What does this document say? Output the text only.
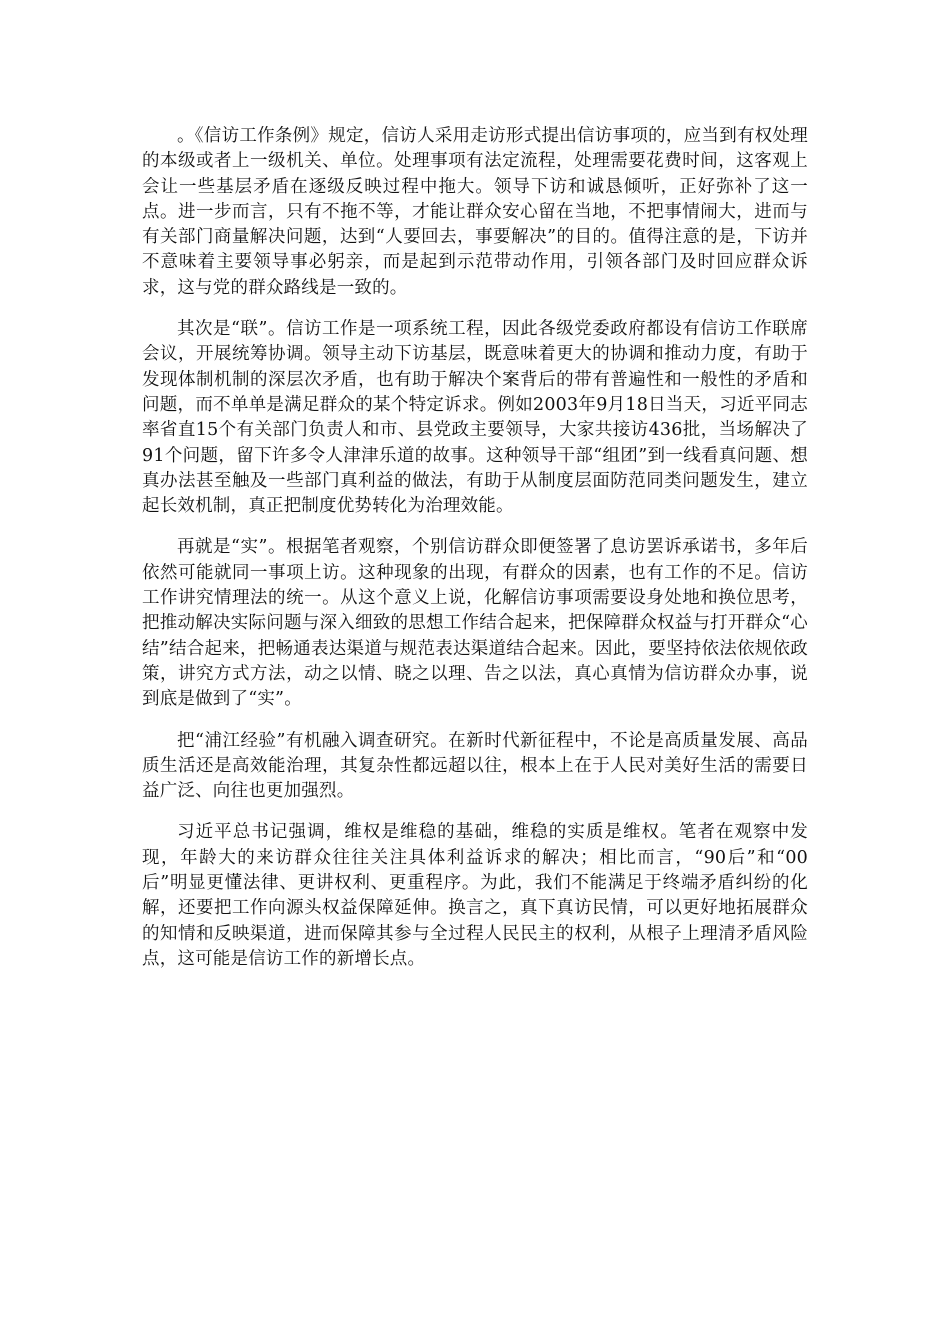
。《信访工作条例》规定，信访人采用走访形式提出信访事项的，应当到有权处理的本级或者上一级机关、单位。处理事项有法定流程，处理需要花费时间，这客观上会让一些基层矛盾在逐级反映过程中拖大。领导下访和诚恳倾听，正好弥补了这一点。进一步而言，只有不拖不等，才能让群众安心留在当地，不把事情闹大，进而与有关部门商量解决问题，达到“人要回去，事要解决”的目的。值得注意的是，下访并不意味着主要领导事必躬亲，而是起到示范带动作用，引领各部门及时回应群众诉求，这与党的群众路线是一致的。

其次是“联”。信访工作是一项系统工程，因此各级党委政府都设有信访工作联席会议，开展统筹协调。领导主动下访基层，既意味着更大的协调和推动力度，有助于发现体制机制的深层次矛盾，也有助于解决个案背后的带有普遍性和一般性的矛盾和问题，而不单单是满足群众的某个特定诉求。例如2003年9月18日当天，习近平同志率省直15个有关部门负责人和市、县党政主要领导，大家共接访436批，当场解决了91个问题，留下许多令人津津乐道的故事。这种领导干部“组团”到一线看真问题、想真办法甚至触及一些部门真利益的做法，有助于从制度层面防范同类问题发生，建立起长效机制，真正把制度优势转化为治理效能。

再就是“实”。根据笔者观察，个别信访群众即便签署了息访罢诉承诺书，多年后依然可能就同一事项上访。这种现象的出现，有群众的因素，也有工作的不足。信访工作讲究情理法的统一。从这个意义上说，化解信访事项需要设身处地和换位思考，把推动解决实际问题与深入细致的思想工作结合起来，把保障群众权益与打开群众“心结”结合起来，把畅通表达渠道与规范表达渠道结合起来。因此，要坚持依法依规依政策，讲究方式方法，动之以情、晓之以理、告之以法，真心真情为信访群众办事，说到底是做到了“实”。

把“浦江经验”有机融入调查研究。在新时代新征程中，不论是高质量发展、高品质生活还是高效能治理，其复杂性都远超以往，根本上在于人民对美好生活的需要日益广泛、向往也更加强烈。

习近平总书记强调，维权是维稳的基础，维稳的实质是维权。笔者在观察中发现，年龄大的来访群众往往关注具体利益诉求的解决；相比而言，“90后”和“00后”明显更懂法律、更讲权利、更重程序。为此，我们不能满足于终端矛盾纠纷的化解，还要把工作向源头权益保障延伸。换言之，真下真访民情，可以更好地拓展群众的知情和反映渠道，进而保障其参与全过程人民民主的权利，从根子上理清矛盾风险点，这可能是信访工作的新增长点。
